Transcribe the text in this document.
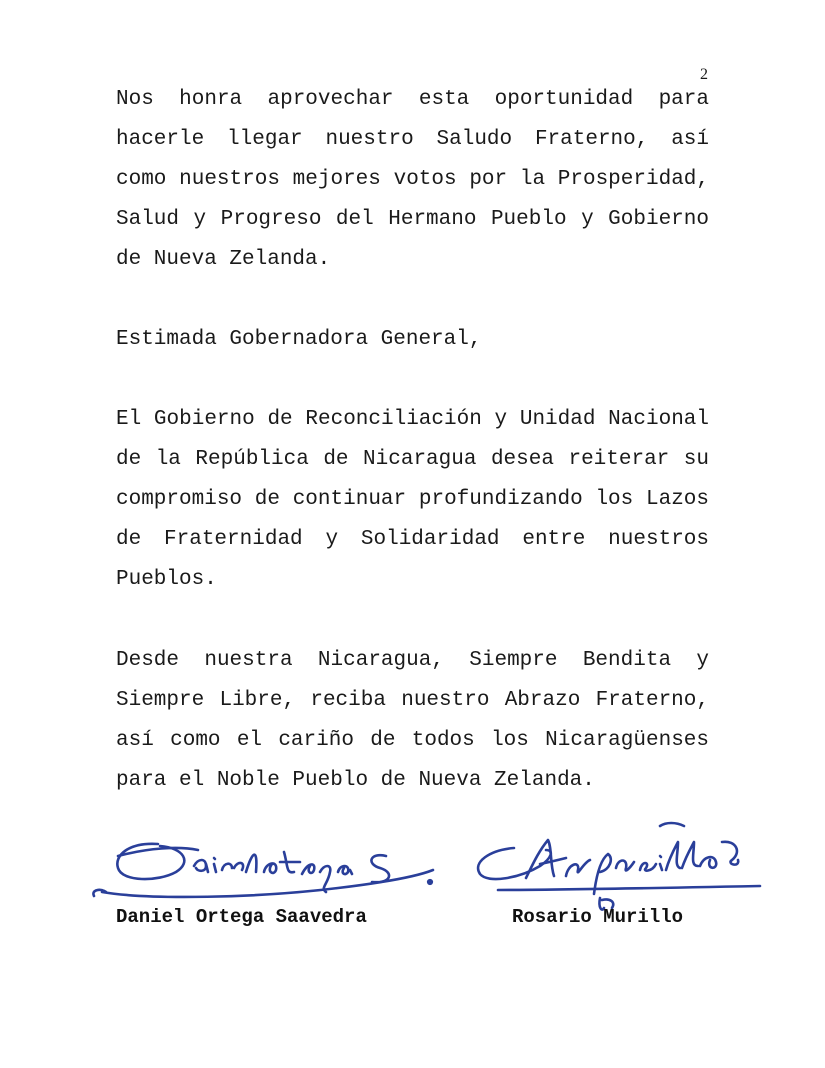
2
Nos honra aprovechar esta oportunidad para hacerle llegar nuestro Saludo Fraterno, así como nuestros mejores votos por la Prosperidad, Salud y Progreso del Hermano Pueblo y Gobierno de Nueva Zelanda.
Estimada Gobernadora General,
El Gobierno de Reconciliación y Unidad Nacional de la República de Nicaragua desea reiterar su compromiso de continuar profundizando los Lazos de Fraternidad y Solidaridad entre nuestros Pueblos.
Desde nuestra Nicaragua, Siempre Bendita y Siempre Libre, reciba nuestro Abrazo Fraterno, así como el cariño de todos los Nicaragüenses para el Noble Pueblo de Nueva Zelanda.
Daniel Ortega Saavedra	Rosario Murillo
